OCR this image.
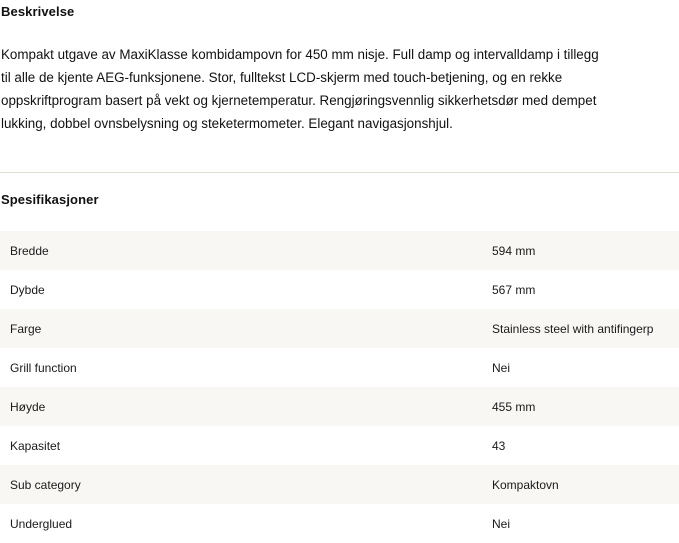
Beskrivelse

Kompakt utgave av MaxiKlasse kombidampovn for 450 mm nisje. Full damp og intervalldamp i tillegg til alle de kjente AEG-funksjonene. Stor, fulltekst LCD-skjerm med touch-betjening, og en rekke oppskriftprogram basert på vekt og kjernetemperatur. Rengjøringsvennlig sikkerhetsdør med dempet lukking, dobbel ovnsbelysning og steketermometer. Elegant navigasjonshjul.

Spesifikasjoner
Bredde	594 mm
Dybde	567 mm
Farge	Stainless steel with antifingerp
Grill function	Nei
Høyde	455 mm
Kapasitet	43
Sub category	Kompaktovn
Underglued	Nei
